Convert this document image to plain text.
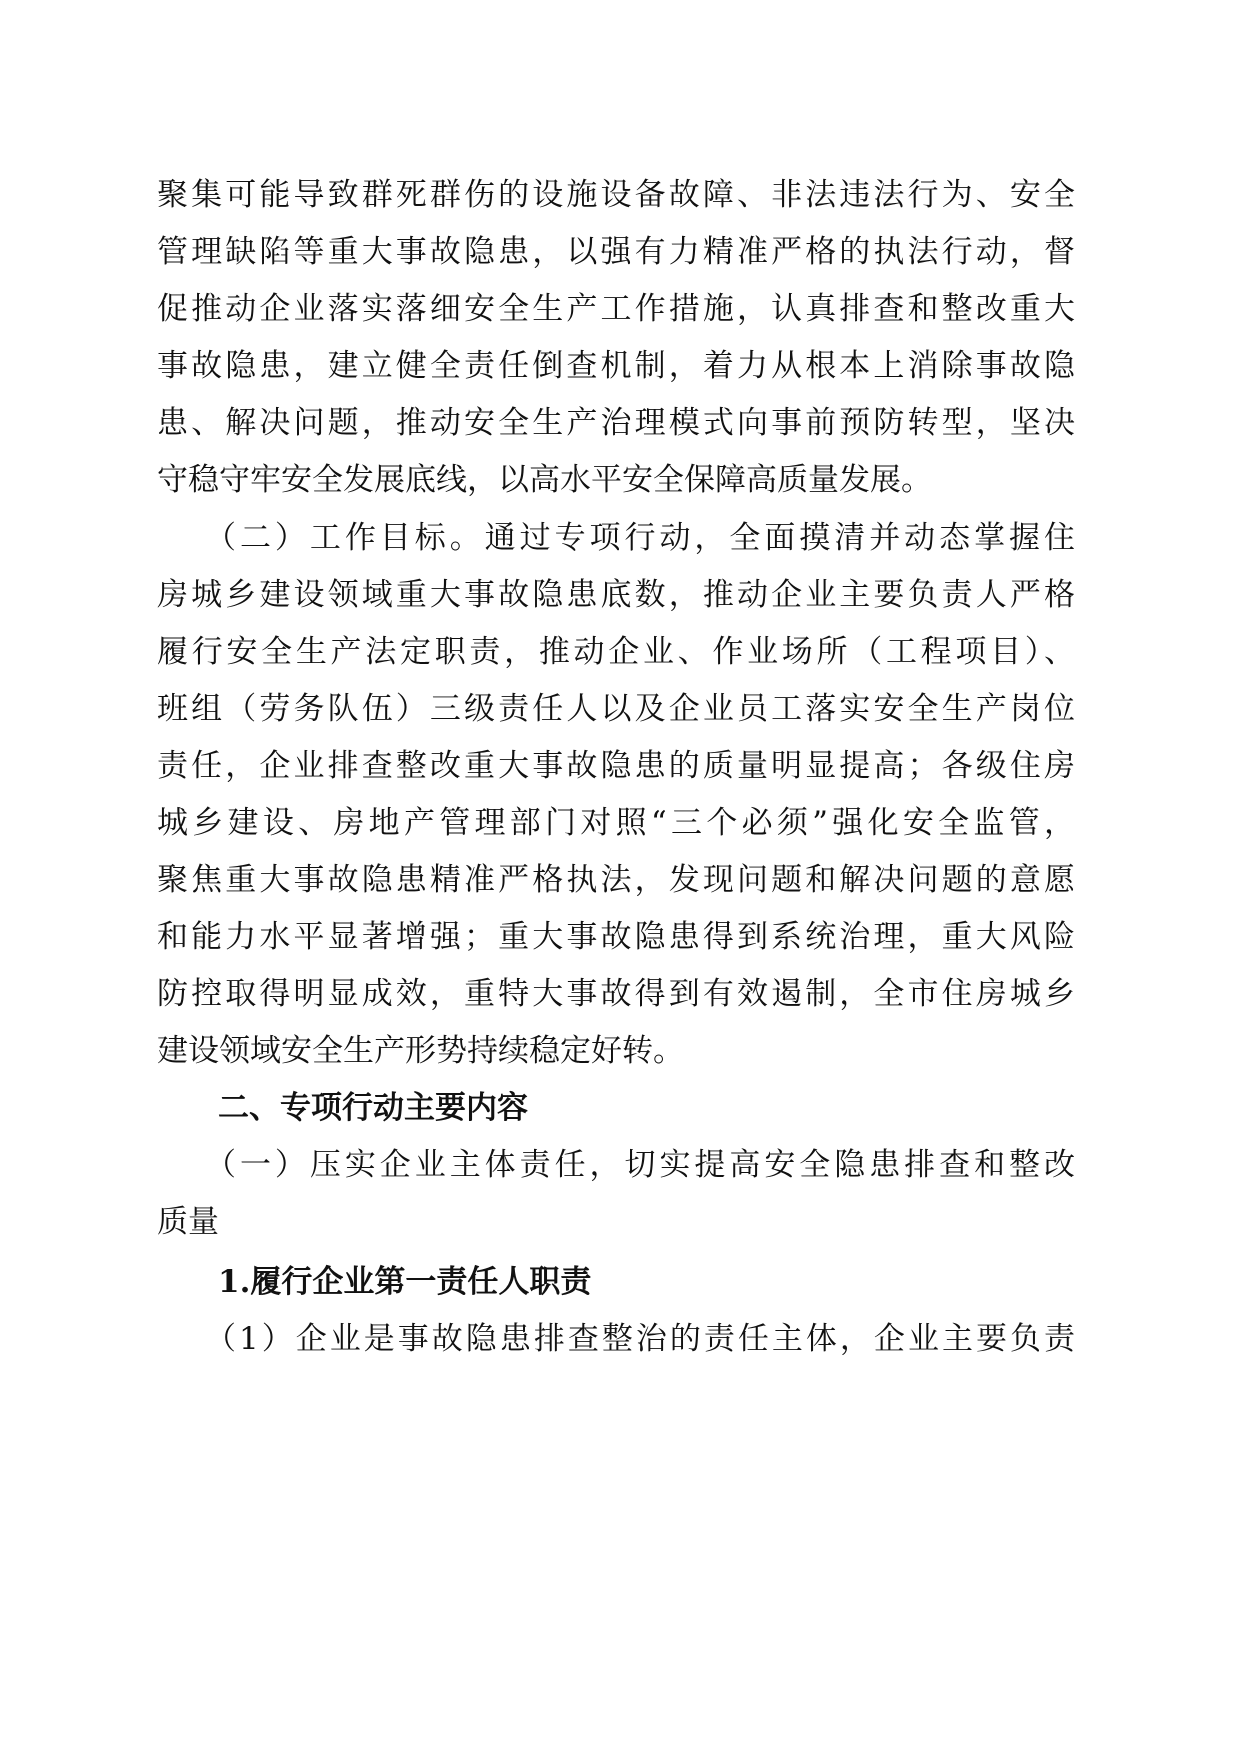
聚集可能导致群死群伤的设施设备故障、非法违法行为、安全
管理缺陷等重大事故隐患，以强有力精准严格的执法行动，督
促推动企业落实落细安全生产工作措施，认真排查和整改重大
事故隐患，建立健全责任倒查机制，着力从根本上消除事故隐
患、解决问题，推动安全生产治理模式向事前预防转型，坚决
守稳守牢安全发展底线，以高水平安全保障高质量发展。
（二）工作目标。通过专项行动，全面摸清并动态掌握住
房城乡建设领域重大事故隐患底数，推动企业主要负责人严格
履行安全生产法定职责，推动企业、作业场所（工程项目）、
班组（劳务队伍）三级责任人以及企业员工落实安全生产岗位
责任，企业排查整改重大事故隐患的质量明显提高；各级住房
城乡建设、房地产管理部门对照“三个必须”强化安全监管，
聚焦重大事故隐患精准严格执法，发现问题和解决问题的意愿
和能力水平显著增强；重大事故隐患得到系统治理，重大风险
防控取得明显成效，重特大事故得到有效遏制，全市住房城乡
建设领域安全生产形势持续稳定好转。
二、专项行动主要内容
（一）压实企业主体责任，切实提高安全隐患排查和整改
质量
1.履行企业第一责任人职责
（1）企业是事故隐患排查整治的责任主体，企业主要负责
